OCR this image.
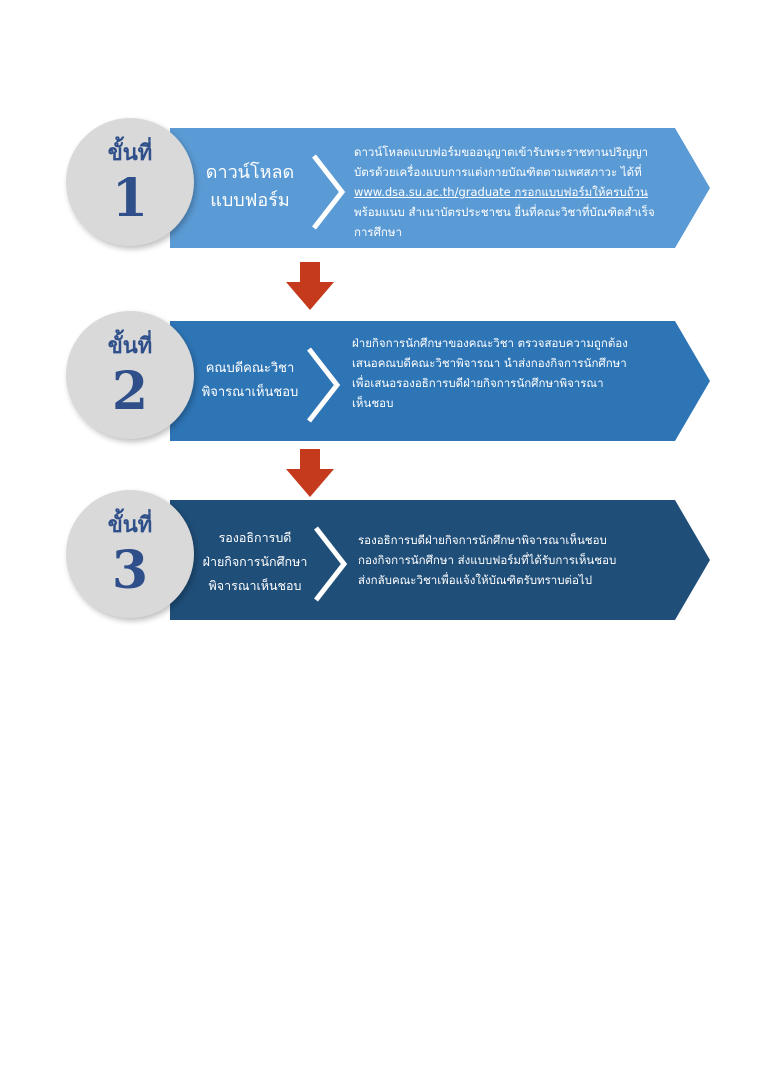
ขั้นที่
1	ดาวน์โหลด
แบบฟอร์ม
ดาวน์โหลดแบบฟอร์มขออนุญาตเข้ารับพระราชทานปริญญา
บัตรด้วยเครื่องแบบการแต่งกายบัณฑิตตามเพศสภาวะ ได้ที่
www.dsa.su.ac.th/graduate กรอกแบบฟอร์มให้ครบถ้วน
พร้อมแนบ สำเนาบัตรประชาชน ยื่นที่คณะวิชาที่บัณฑิตสำเร็จ
การศึกษา
ขั้นที่
2	คณบดีคณะวิชา
พิจารณาเห็นชอบ
ฝ่ายกิจการนักศึกษาของคณะวิชา ตรวจสอบความถูกต้อง
เสนอคณบดีคณะวิชาพิจารณา นำส่งกองกิจการนักศึกษา
เพื่อเสนอรองอธิการบดีฝ่ายกิจการนักศึกษาพิจารณา
เห็นชอบ
ขั้นที่
3
รองอธิการบดี
ฝ่ายกิจการนักศึกษา
พิจารณาเห็นชอบ
รองอธิการบดีฝ่ายกิจการนักศึกษาพิจารณาเห็นชอบ
กองกิจการนักศึกษา ส่งแบบฟอร์มที่ได้รับการเห็นชอบ
ส่งกลับคณะวิชาเพื่อแจ้งให้บัณฑิตรับทราบต่อไป
